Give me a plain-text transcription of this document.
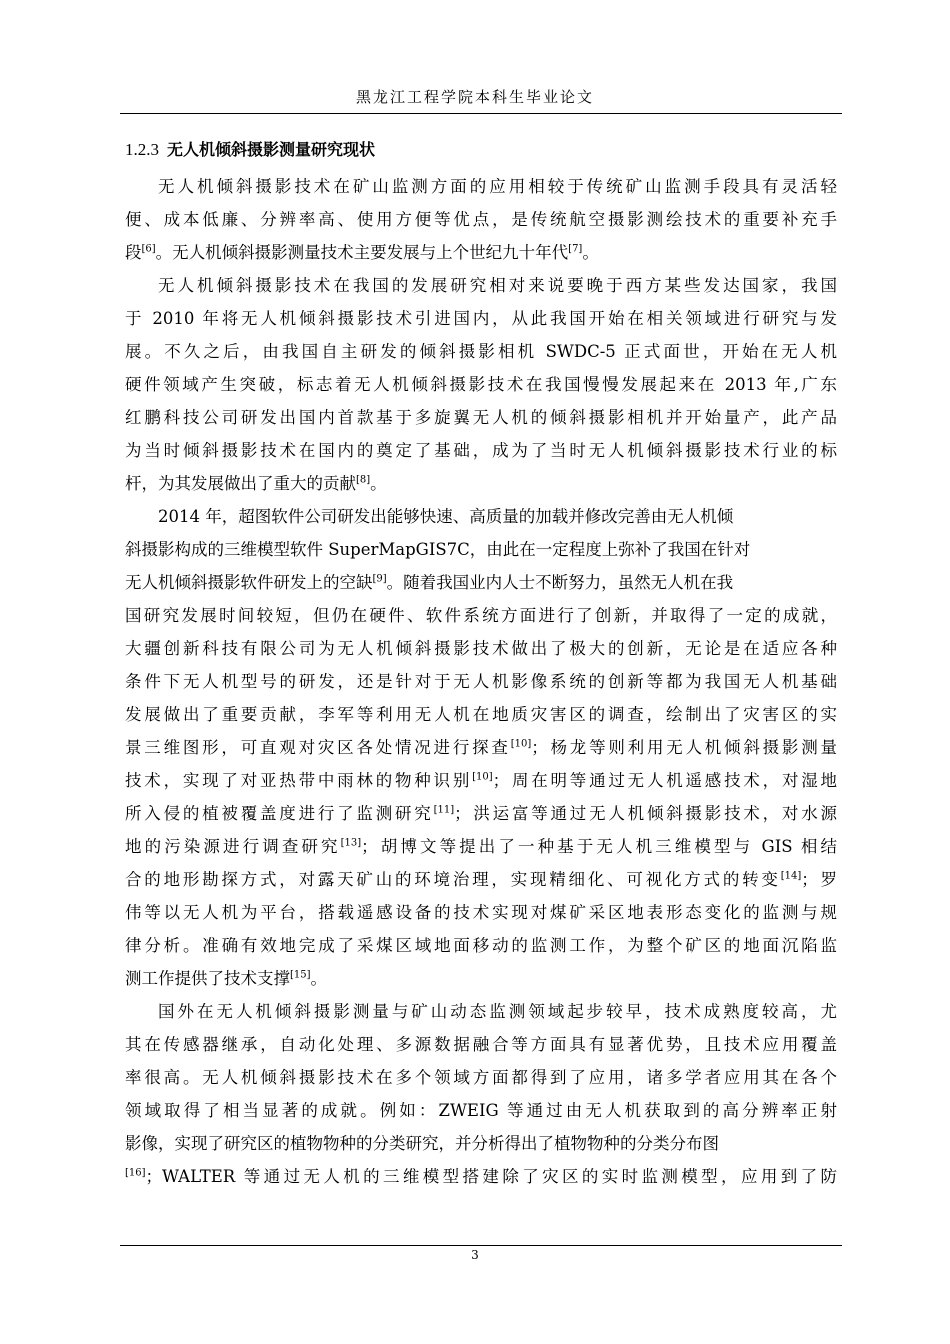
黑龙江工程学院本科生毕业论文
1.2.3 无人机倾斜摄影测量研究现状
无人机倾斜摄影技术在矿山监测方面的应用相较于传统矿山监测手段具有灵活轻
便、成本低廉、分辨率高、使用方便等优点，是传统航空摄影测绘技术的重要补充手
段[6]。无人机倾斜摄影测量技术主要发展与上个世纪九十年代[7]。
无人机倾斜摄影技术在我国的发展研究相对来说要晚于西方某些发达国家，我国
于 2010 年将无人机倾斜摄影技术引进国内，从此我国开始在相关领域进行研究与发
展。不久之后，由我国自主研发的倾斜摄影相机 SWDC-5 正式面世，开始在无人机
硬件领域产生突破，标志着无人机倾斜摄影技术在我国慢慢发展起来在 2013 年,广东
红鹏科技公司研发出国内首款基于多旋翼无人机的倾斜摄影相机并开始量产，此产品
为当时倾斜摄影技术在国内的奠定了基础，成为了当时无人机倾斜摄影技术行业的标
杆，为其发展做出了重大的贡献[8]。
2014 年，超图软件公司研发出能够快速、高质量的加载并修改完善由无人机倾
斜摄影构成的三维模型软件 SuperMapGIS7C，由此在一定程度上弥补了我国在针对
无人机倾斜摄影软件研发上的空缺[9]。随着我国业内人士不断努力，虽然无人机在我
国研究发展时间较短，但仍在硬件、软件系统方面进行了创新，并取得了一定的成就，
大疆创新科技有限公司为无人机倾斜摄影技术做出了极大的创新，无论是在适应各种
条件下无人机型号的研发，还是针对于无人机影像系统的创新等都为我国无人机基础
发展做出了重要贡献，李军等利用无人机在地质灾害区的调查，绘制出了灾害区的实
景三维图形，可直观对灾区各处情况进行探查[10]；杨龙等则利用无人机倾斜摄影测量
技术，实现了对亚热带中雨林的物种识别[10]；周在明等通过无人机遥感技术，对湿地
所入侵的植被覆盖度进行了监测研究[11]；洪运富等通过无人机倾斜摄影技术，对水源
地的污染源进行调查研究[13]；胡博文等提出了一种基于无人机三维模型与 GIS 相结
合的地形勘探方式，对露天矿山的环境治理，实现精细化、可视化方式的转变[14]；罗
伟等以无人机为平台，搭载遥感设备的技术实现对煤矿采区地表形态变化的监测与规
律分析。准确有效地完成了采煤区域地面移动的监测工作，为整个矿区的地面沉陷监
测工作提供了技术支撑[15]。
国外在无人机倾斜摄影测量与矿山动态监测领域起步较早，技术成熟度较高，尤
其在传感器继承，自动化处理、多源数据融合等方面具有显著优势，且技术应用覆盖
率很高。无人机倾斜摄影技术在多个领域方面都得到了应用，诸多学者应用其在各个
领域取得了相当显著的成就。例如：ZWEIG 等通过由无人机获取到的高分辨率正射
影像，实现了研究区的植物物种的分类研究，并分析得出了植物物种的分类分布图
[16]；WALTER 等通过无人机的三维模型搭建除了灾区的实时监测模型，应用到了防
3
